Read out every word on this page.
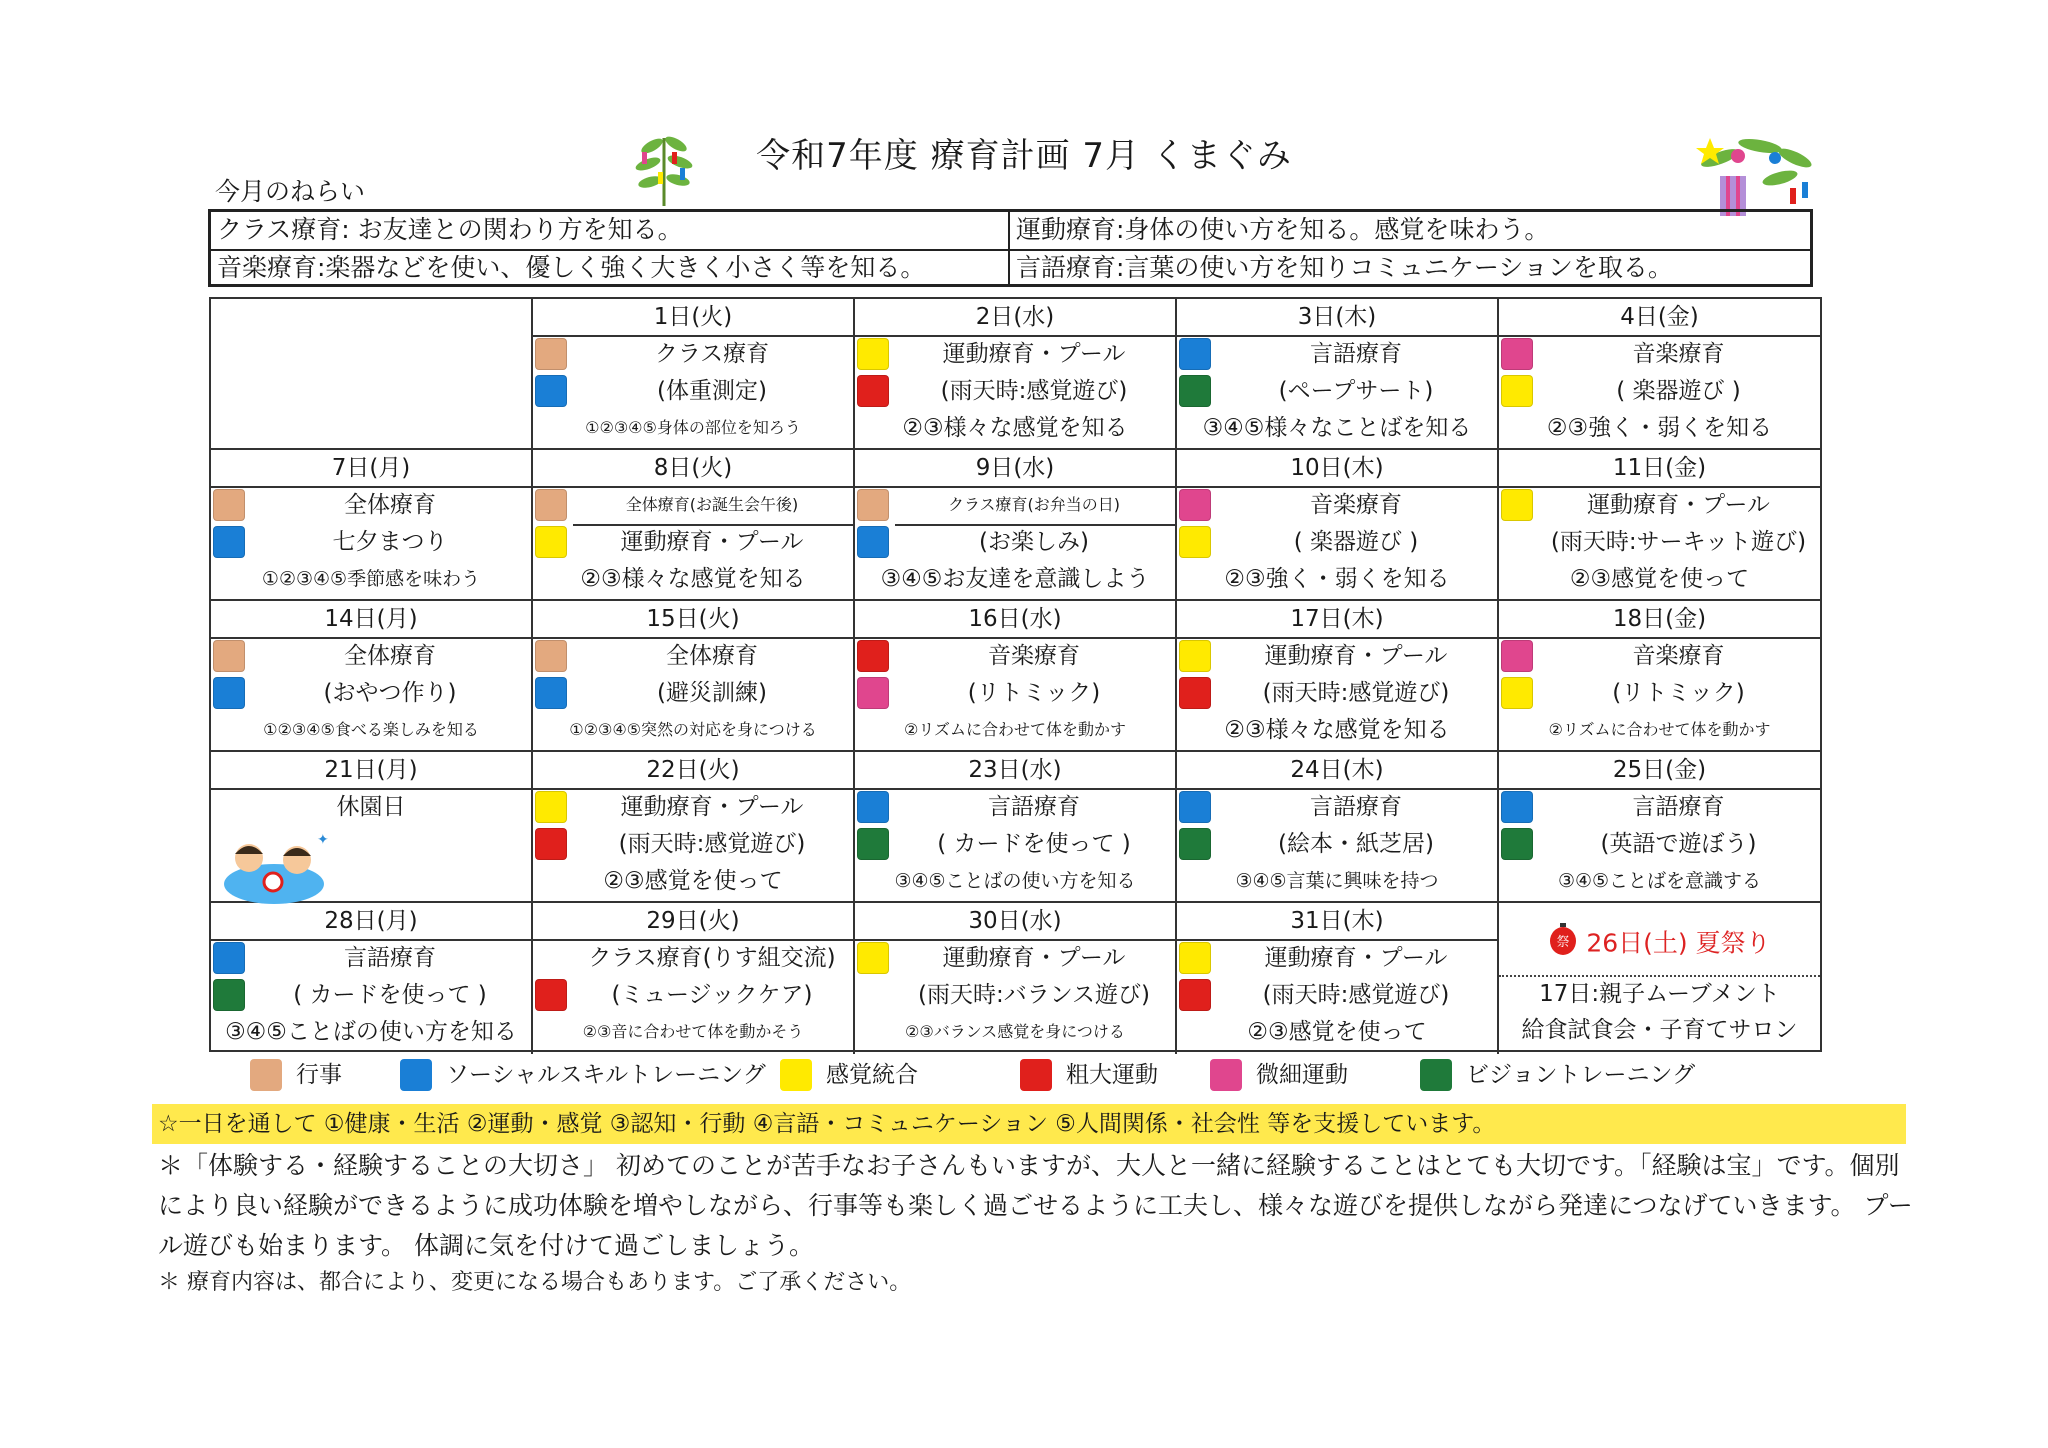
令和7年度 療育計画 7月 くまぐみ
今月のねらい
クラス療育: お友達との関わり方を知る。	運動療育:身体の使い方を知る。感覚を味わう。
音楽療育:楽器などを使い、優しく強く大きく小さく等を知る。	言語療育:言葉の使い方を知りコミュニケーションを取る。
1日(火)
クラス療育
(体重測定)
①②③④⑤身体の部位を知ろう
2日(水)
運動療育・プール
(雨天時:感覚遊び)
②③様々な感覚を知る
3日(木)
言語療育
(ペープサート)
③④⑤様々なことばを知る
4日(金)
音楽療育
( 楽器遊び )
②③強く・弱くを知る
7日(月)
全体療育
七夕まつり
①②③④⑤季節感を味わう
8日(火)
全体療育(お誕生会午後)
運動療育・プール
②③様々な感覚を知る
9日(水)
クラス療育(お弁当の日)
(お楽しみ)
③④⑤お友達を意識しよう
10日(木)
音楽療育
( 楽器遊び )
②③強く・弱くを知る
11日(金)
運動療育・プール
(雨天時:サーキット遊び)
②③感覚を使って
14日(月)
全体療育
(おやつ作り)
①②③④⑤食べる楽しみを知る
15日(火)
全体療育
(避災訓練)
①②③④⑤突然の対応を身につける
16日(水)
音楽療育
(リトミック)
②リズムに合わせて体を動かす
17日(木)
運動療育・プール
(雨天時:感覚遊び)
②③様々な感覚を知る
18日(金)
音楽療育
(リトミック)
②リズムに合わせて体を動かす
21日(月)
休園日
✦
22日(火)
運動療育・プール
(雨天時:感覚遊び)
②③感覚を使って
23日(水)
言語療育
( カードを使って )
③④⑤ことばの使い方を知る
24日(木)
言語療育
(絵本・紙芝居)
③④⑤言葉に興味を持つ
25日(金)
言語療育
(英語で遊ぼう)
③④⑤ことばを意識する
28日(月)
言語療育
( カードを使って )
③④⑤ことばの使い方を知る
29日(火)
クラス療育(りす組交流)
(ミュージックケア)
②③音に合わせて体を動かそう
30日(水)
運動療育・プール
(雨天時:バランス遊び)
②③バランス感覚を身につける
31日(木)
運動療育・プール
(雨天時:感覚遊び)
②③感覚を使って
祭 26日(土) 夏祭り
17日:親子ムーブメント
給食試食会・子育てサロン
行事	ソーシャルスキルトレーニング	感覚統合	粗大運動	微細運動	ビジョントレーニング
☆一日を通して ①健康・生活 ②運動・感覚 ③認知・行動 ④言語・コミュニケーション ⑤人間関係・社会性 等を支援しています。
＊「体験する・経験することの大切さ」 初めてのことが苦手なお子さんもいますが、大人と一緒に経験することはとても大切です。「経験は宝」です。個別により良い経験ができるように成功体験を増やしながら、行事等も楽しく過ごせるように工夫し、様々な遊びを提供しながら発達につなげていきます。 プール遊びも始まります。 体調に気を付けて過ごしましょう。
＊ 療育内容は、都合により、変更になる場合もあります。ご了承ください。
